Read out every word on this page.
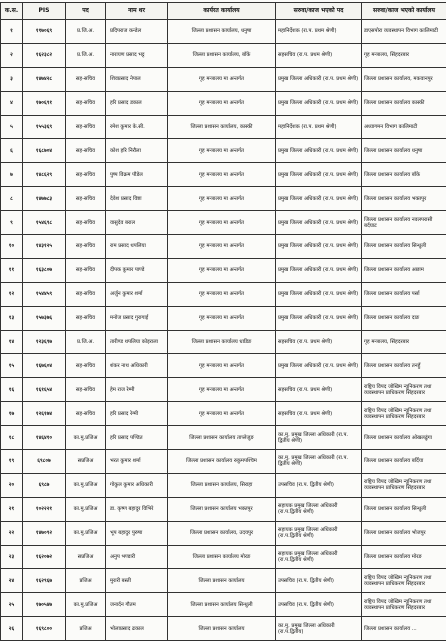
क.स.	PIS	पद	नाम थर	कार्यरत कार्यालय	सरुवा/काज भएको पद	सरुवा/काज भएको कार्यालय
१	११७०६९	प्र.जि.अ.	प्रदिपराज कन्डेल	जिल्ला प्रशासन कार्यालय, धनुषा	महानिर्देशक (रा.प. प्रथम श्रेणी)	डाएसपोरा व्यवस्थापन विभाग कालिमाटी
२	१६२३८२	प्र.जि.अ.	नारायण प्रसाद भट्ट	जिल्ला प्रशासन कार्यालय, बाँके	सहसचिव (रा.प. प्रथम श्रेणी)	गृह मन्त्रालय, सिंहदरबार
३	१४७४२८	सह-सचिव	शिवप्रसाद नेपाल	गृह मन्त्रालय मा अन्तर्गत	प्रमुख जिल्ला अधिकारी (रा.प. प्रथम श्रेणी)	जिल्ला प्रशासन कार्यालय, मकवानपुर
४	१७०६९१	सह-सचिव	हरि प्रसाद डकाल	गृह मन्त्रालय मा अन्तर्गत	प्रमुख जिल्ला अधिकारी (रा.प. प्रथम श्रेणी)	जिल्ला प्रशासन कार्यालय कास्की
५	१५५३६९	सह-सचिव	रमेश कुमार के.सी.	जिल्ला प्रशासन कार्यालय, कास्की	महानिर्देशक (रा.प. प्रथम श्रेणी)	अध्यागमन विभाग कालिमाटी
६	१६८७०४	सह-सचिव	कोश हरि निरौला	गृह मन्त्रालय मा अन्तर्गत	प्रमुख जिल्ला अधिकारी (रा.प. प्रथम श्रेणी)	जिल्ला प्रशासन कार्यालय धनुषा
७	१४८६२९	सह-सचिव	पुष्प विक्रम पौडेल	गृह मन्त्रालय मा अन्तर्गत	प्रमुख जिल्ला अधिकारी (रा.प. प्रथम श्रेणी)	जिल्ला प्रशासन कार्यालय बाँके
८	१४७७८३	सह-सचिव	देवेश प्रसाद विष्टा	गृह मन्त्रालय मा अन्तर्गत	प्रमुख जिल्ला अधिकारी (रा.प. प्रथम श्रेणी)	जिल्ला प्रशासन कार्यालय भक्तपुर
९	१५४६९८	सह-सचिव	वासुदेव बराल	गृह मन्त्रालय मा अन्तर्गत	प्रमुख जिल्ला अधिकारी (रा.प. प्रथम श्रेणी)	जिल्ला प्रशासन कार्यालय नवलपरासी बर्दघाट
१०	१४३१२५	सह-सचिव	राम प्रसाद थपलिया	गृह मन्त्रालय मा अन्तर्गत	प्रमुख जिल्ला अधिकारी (रा.प. प्रथम श्रेणी)	जिल्ला प्रशासन कार्यालय सिन्धुली
११	१६३८०७	सह-सचिव	दीपक कुमार पाण्डे	गृह मन्त्रालय मा अन्तर्गत	प्रमुख जिल्ला अधिकारी (रा.प. प्रथम श्रेणी)	जिल्ला प्रशासन कार्यालय अछाम
१२	१५४४५९	सह-सचिव	अर्जुन कुमार शर्मा	गृह मन्त्रालय मा अन्तर्गत	प्रमुख जिल्ला अधिकारी (रा.प. प्रथम श्रेणी)	जिल्ला प्रशासन कार्यालय पर्सा
१३	१५७३७६	सह-सचिव	मनोज प्रसाद गुरागाई	गृह मन्त्रालय मा अन्तर्गत	प्रमुख जिल्ला अधिकारी (रा.प. प्रथम श्रेणी)	जिल्ला प्रशासन कार्यालय दाङ
१४	१२३६९७	प्र.जि.अ.	तारीण्ड थपलिया कोइराला	जिल्ला प्रशासन कार्यालय धाडिङ	सहसचिव (रा.प. प्रथम श्रेणी)	गृह मन्त्रालय, सिंहदरबार
१५	१६७६०४	सह-सचिव	शंकर नाथ अधिकारी	गृह मन्त्रालय मा अन्तर्गत	प्रमुख जिल्ला अधिकारी (रा.प. प्रथम श्रेणी)	जिल्ला प्रशासन कार्यालय तनहुँ
१६	१६१६५४	सह-सचिव	हेम राज रेग्मी	गृह मन्त्रालय मा अन्तर्गत	सहसचिव (रा.प. प्रथम श्रेणी)	राष्ट्रिय विपद जोखिम न्यूनिकरण तथा व्यवस्थापन प्राधिकरण सिंहदरबार
१७	१२६१७४	सह-सचिव	हरि प्रसाद रेग्मी	गृह मन्त्रालय मा अन्तर्गत	सहसचिव (रा.प. प्रथम श्रेणी)	राष्ट्रिय विपद जोखिम न्यूनिकरण तथा व्यवस्थापन प्राधिकरण सिंहदरबार
१८	१४६४१०	का.मु.प्रजिअ	हरि प्रसाद पण्डित	जिल्ला प्रशासन कार्यालय ताप्लेजुङ	का.मु. प्रमुख जिल्ला अधिकारी (रा.प. द्वितीय श्रेणी)	जिल्ला प्रशासन कार्यालय ओखलढुंगा
१९	६९८०७	सप्रजिअ	भरत कुमार शर्मा	जिल्ला प्रशासन कार्यालय रुकुमपश्चिम	का.मु. प्रमुख जिल्ला अधिकारी (रा.प. द्वितीय श्रेणी)	जिल्ला प्रशासन कार्यालय बर्दिया
२०	६९८७	का.मु.प्रजिअ	गोकुल कुमार अधिकारी	जिल्ला प्रशासन कार्यालय, सिराहा	उपसचिव (रा.प. द्वितीय श्रेणी)	राष्ट्रिय विपद जोखिम न्यूनिकरण तथा व्यवस्थापन प्राधिकरण सिंहदरबार
२१	१०२२२१	का.मु.प्रजिअ	डा. कृष्ण बहादुर विभिरे	जिल्ला प्रशासन कार्यालय भक्तपुर	सहायक प्रमुख जिल्ला अधिकारी (रा.प.द्वितीय श्रेणी)	जिल्ला प्रशासन कार्यालय सिन्धुली
२२	१४७०९२	का.मु.प्रजिअ	भूप बहादुर पुरुषा	जिल्ला प्रशासन कार्यालय, उदयपुर	सहायक प्रमुख जिल्ला अधिकारी (रा.प.द्वितीय श्रेणी)	जिल्ला प्रशासन कार्यालय भोजपुर
२३	१६२०७२	सप्रजिअ	अनुप भण्डारी	जिल्ला प्रशासन कार्यालय मोरङ	सहायक प्रमुख जिल्ला अधिकारी (रा.प.द्वितीय श्रेणी)	जिल्ला प्रशासन कार्यालय मोरङ
२४	१६२९६७	प्रजिअ	मुरारी बस्ती	जिल्ला प्रशासन कार्यालय	उपसचिव (रा.प. द्वितीय श्रेणी)	राष्ट्रिय विपद जोखिम न्यूनिकरण तथा व्यवस्थापन प्राधिकरण सिंहदरबार
२५	१७०५४७	का.मु.प्रजिअ	जनार्दन गौतम	जिल्ला प्रशासन कार्यालय सिन्धुली	उपसचिव (रा.प. द्वितीय श्रेणी)	राष्ट्रिय विपद जोखिम न्यूनिकरण तथा व्यवस्थापन प्राधिकरण सिंहदरबार
२६	१६९८००	प्रजिअ	भोलाप्रसाद ढकाल	जिल्ला प्रशासन कार्यालय	का.मु. प्रमुख जिल्ला अधिकारी (रा.प.द्वितीय)	जिल्ला प्रशासन कार्यालय ...
